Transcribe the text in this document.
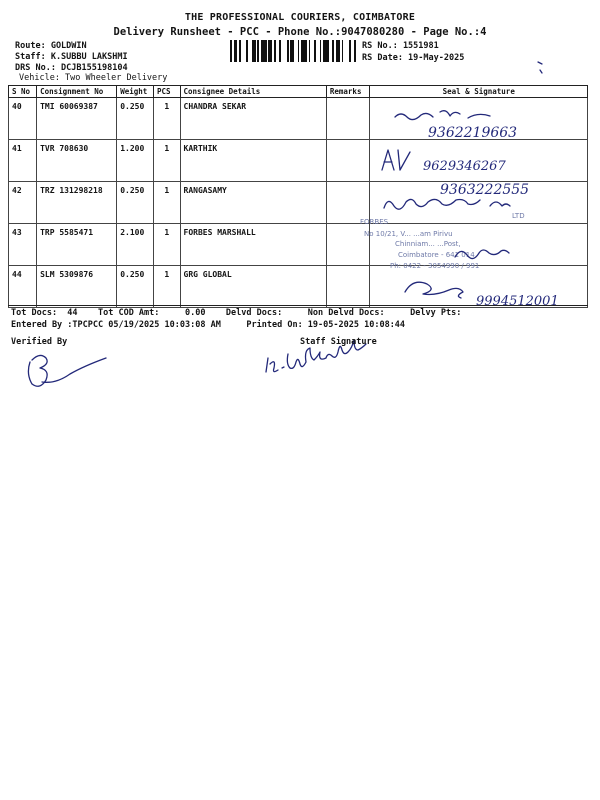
THE PROFESSIONAL COURIERS, COIMBATORE
Delivery Runsheet - PCC - Phone No.:9047080280 - Page No.:4
Route: GOLDWIN
Staff: K.SUBBU LAKSHMI
DRS No.: DCJB155198104
Vehicle: Two Wheeler Delivery
RS No.: 1551981
RS Date: 19-May-2025
S No	Consignment No	Weight	PCS	Consignee Details	Remarks	Seal & Signature
40	TMI 60069387	0.250	1	CHANDRA SEKAR		
41	TVR 708630	1.200	1	KARTHIK		
42	TRZ 131298218	0.250	1	RANGASAMY		
43	TRP 5585471	2.100	1	FORBES MARSHALL		
44	SLM 5309876	0.250	1	GRG GLOBAL		
9362219663
9629346267
9363222555
FORBES
LTD
No 10/21, V... ...am Pirivu
Chinniam... ...Post,
Coimbatore - 641 014
Ph: 0422 - 3054990 / 991
9994512001
Tot Docs:  44    Tot COD Amt:     0.00    Delvd Docs:     Non Delvd Docs:     Delvy Pts:
Entered By :TPCPCC 05/19/2025 10:03:08 AM     Printed On: 19-05-2025 10:08:44
Verified By	Staff Signature
